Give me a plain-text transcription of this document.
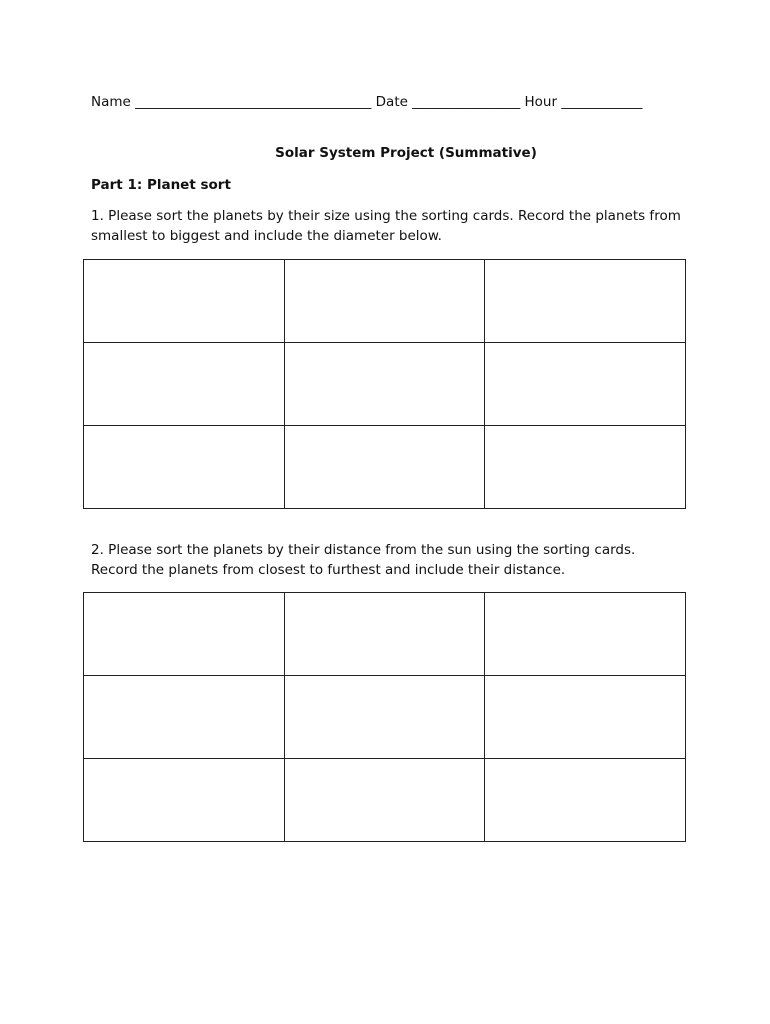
Name ___________________________________ Date ________________ Hour ____________
Solar System Project (Summative)
Part 1: Planet sort
1. Please sort the planets by their size using the sorting cards. Record the planets from smallest to biggest and include the diameter below.

2. Please sort the planets by their distance from the sun using the sorting cards. Record the planets from closest to furthest and include their distance.
